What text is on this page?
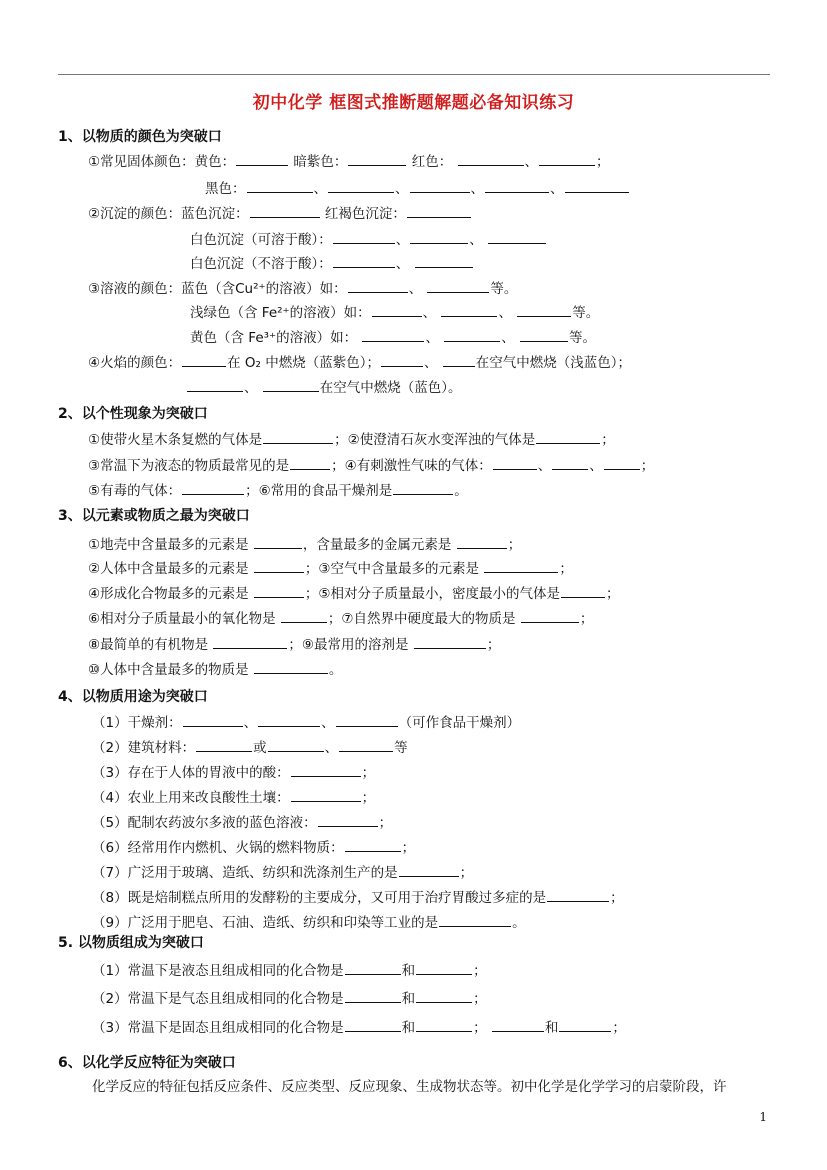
初中化学 框图式推断题解题必备知识练习
1、以物质的颜色为突破口
①常见固体颜色：黄色：	暗紫色：	红色：	、	；
黑色：	、	、	、	、
②沉淀的颜色：蓝色沉淀：	红褐色沉淀：
白色沉淀（可溶于酸）：	、	、
白色沉淀（不溶于酸）：	、
③溶液的颜色：蓝色（含Cu²⁺的溶液）如：	、	等。
浅绿色（含 Fe²⁺的溶液）如：	、	、	等。
黄色（含 Fe³⁺的溶液）如：	、	、	等。
④火焰的颜色：	在 O₂ 中燃烧（蓝紫色）；	、	在空气中燃烧（浅蓝色）；
、	在空气中燃烧（蓝色）。
2、以个性现象为突破口
①使带火星木条复燃的气体是	；②使澄清石灰水变浑浊的气体是	；
③常温下为液态的物质最常见的是	；④有刺激性气味的气体：	、	、	；
⑤有毒的气体：	；⑥常用的食品干燥剂是	。
3、以元素或物质之最为突破口
①地壳中含量最多的元素是	，含量最多的金属元素是	；
②人体中含量最多的元素是	；③空气中含量最多的元素是	；
④形成化合物最多的元素是	；⑤相对分子质量最小，密度最小的气体是	；
⑥相对分子质量最小的氧化物是	；⑦自然界中硬度最大的物质是	；
⑧最简单的有机物是	；⑨最常用的溶剂是	；
⑩人体中含量最多的物质是	。
4、以物质用途为突破口
（1）干燥剂：	、	、	（可作食品干燥剂）
（2）建筑材料：	或	、	等
（3）存在于人体的胃液中的酸：	；
（4）农业上用来改良酸性土壤：	；
（5）配制农药波尔多液的蓝色溶液：	；
（6）经常用作内燃机、火锅的燃料物质：	；
（7）广泛用于玻璃、造纸、纺织和洗涤剂生产的是	；
（8）既是焙制糕点所用的发酵粉的主要成分，又可用于治疗胃酸过多症的是	；
（9）广泛用于肥皂、石油、造纸、纺织和印染等工业的是	。
5. 以物质组成为突破口
（1）常温下是液态且组成相同的化合物是	和	；
（2）常温下是气态且组成相同的化合物是	和	；
（3）常温下是固态且组成相同的化合物是	和	；	和	；
6、以化学反应特征为突破口
化学反应的特征包括反应条件、反应类型、反应现象、生成物状态等。初中化学是化学学习的启蒙阶段，许
1
